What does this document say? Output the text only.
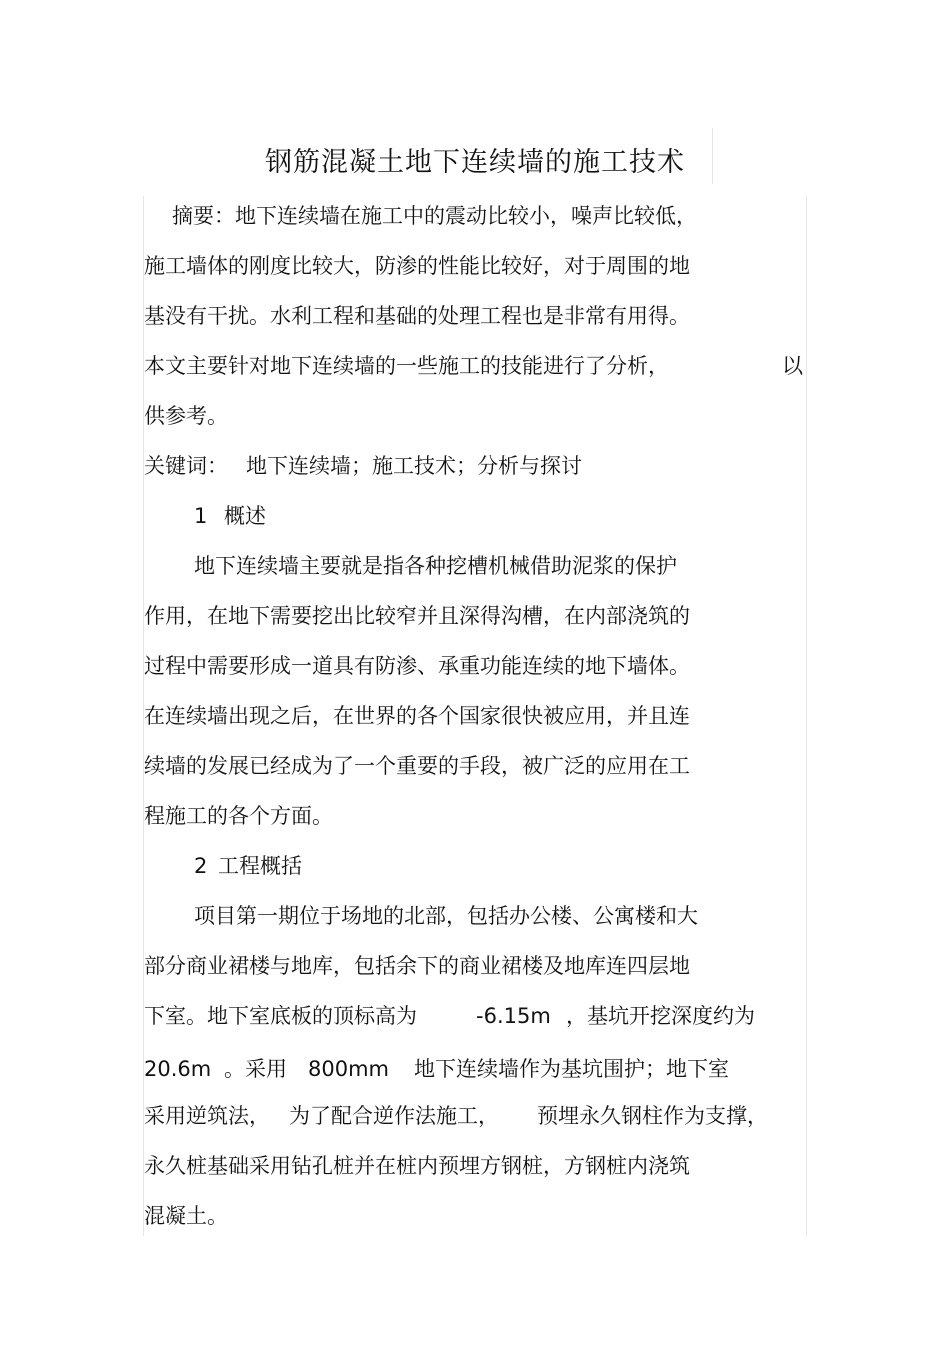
钢筋混凝土地下连续墙的施工技术
摘要：地下连续墙在施工中的震动比较小，噪声比较低，
施工墙体的刚度比较大，防渗的性能比较好，对于周围的地
基没有干扰。水利工程和基础的处理工程也是非常有用得。
本文主要针对地下连续墙的一些施工的技能进行了分析，	以
供参考。
关键词： 地下连续墙；施工技术；分析与探讨
1 概述
地下连续墙主要就是指各种挖槽机械借助泥浆的保护
作用，在地下需要挖出比较窄并且深得沟槽，在内部浇筑的
过程中需要形成一道具有防渗、承重功能连续的地下墙体。
在连续墙出现之后，在世界的各个国家很快被应用，并且连
续墙的发展已经成为了一个重要的手段，被广泛的应用在工
程施工的各个方面。
2 工程概括
项目第一期位于场地的北部，包括办公楼、公寓楼和大
部分商业裙楼与地库，包括余下的商业裙楼及地库连四层地
下室。地下室底板的顶标高为	-6.15m ，基坑开挖深度约为
20.6m 。采用 800mm 地下连续墙作为基坑围护；地下室
采用逆筑法， 为了配合逆作法施工， 预埋永久钢柱作为支撑，
永久桩基础采用钻孔桩并在桩内预埋方钢桩，方钢桩内浇筑
混凝土。
